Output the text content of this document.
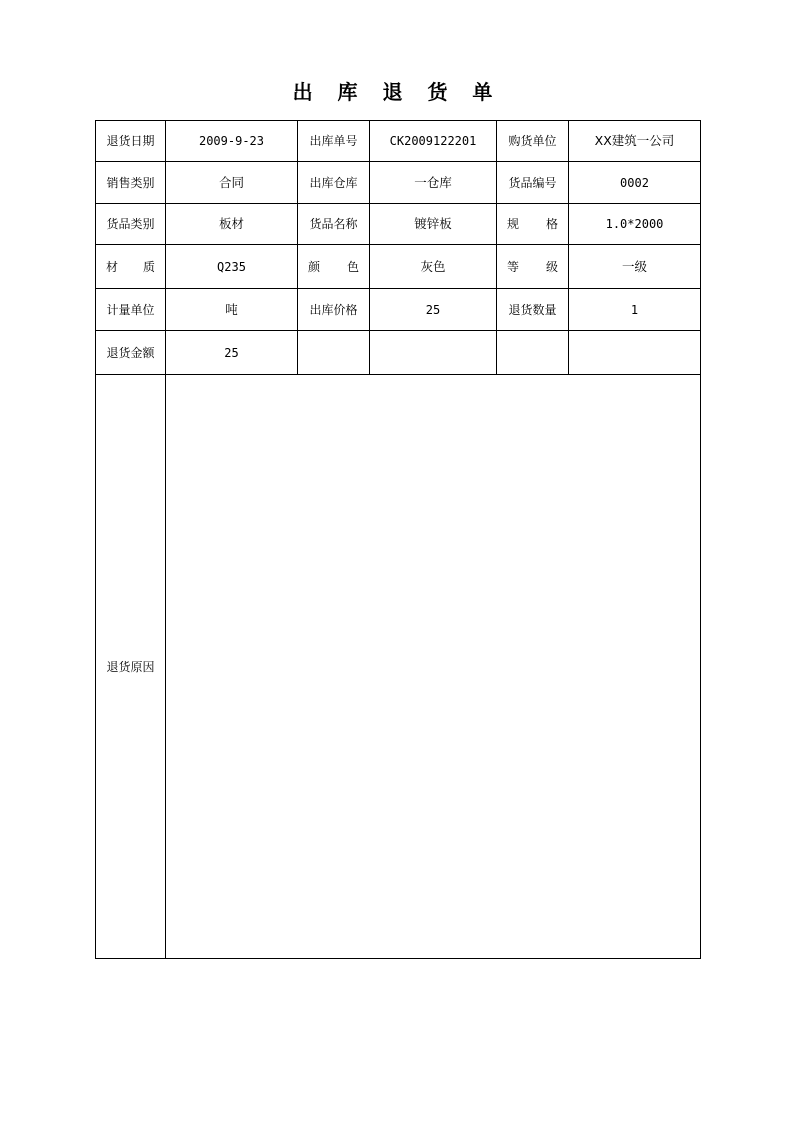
出 库 退 货 单
退货日期	2009-9-23	出库单号	CK2009122201	购货单位	XX建筑一公司
销售类别	合同	出库仓库	一仓库	货品编号	0002
货品类别	板材	货品名称	镀锌板	规 格	1.0*2000

材 质	Q235	颜 色	灰色	等 级	一级
计量单位	吨	出库价格	25	退货数量	1
退货金额	25				
退货原因					
